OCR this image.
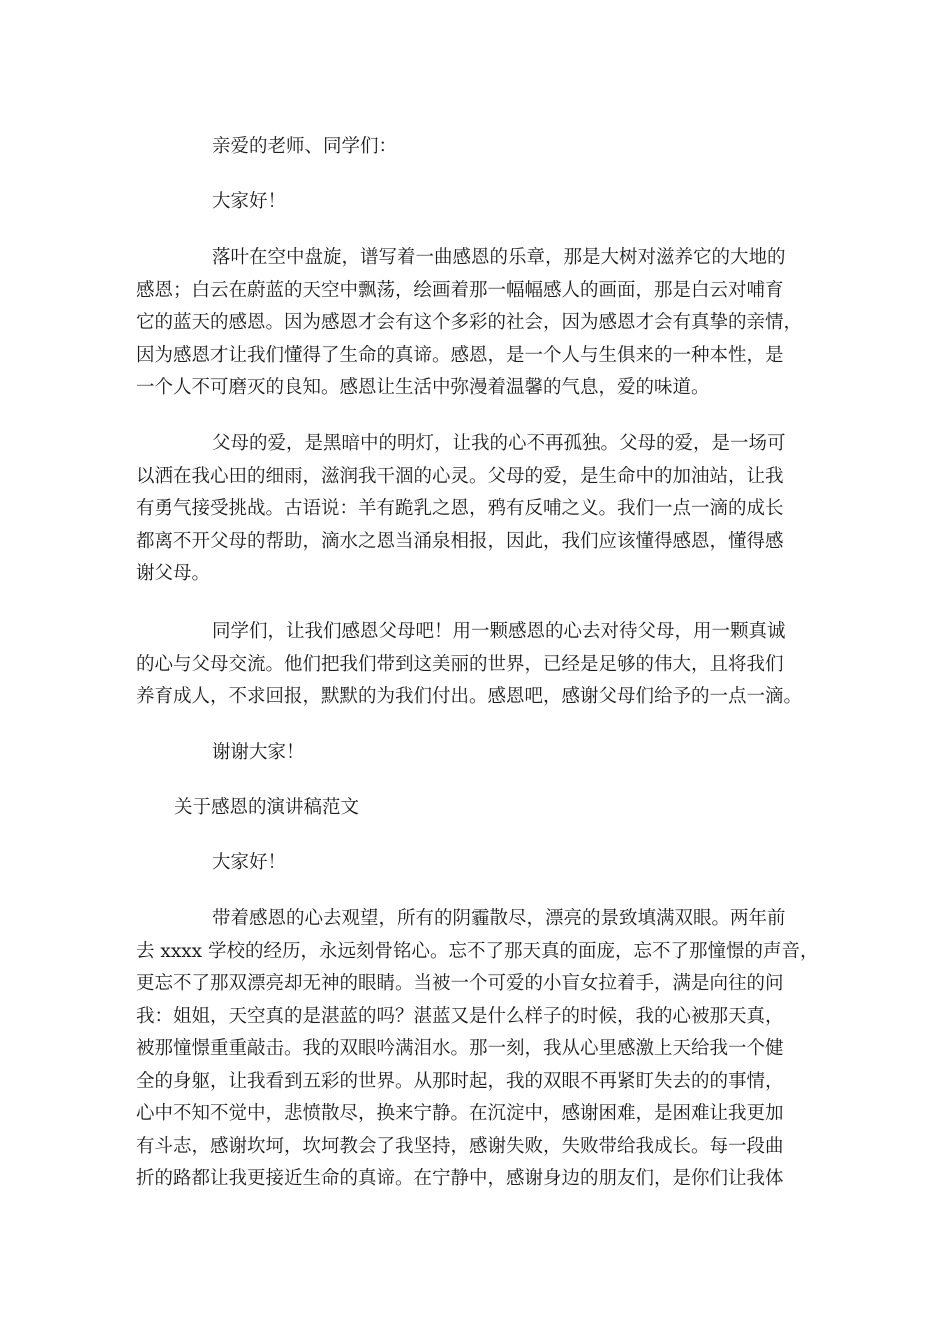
亲爱的老师、同学们：

大家好！

落叶在空中盘旋，谱写着一曲感恩的乐章，那是大树对滋养它的大地的
感恩；白云在蔚蓝的天空中飘荡，绘画着那一幅幅感人的画面，那是白云对哺育
它的蓝天的感恩。因为感恩才会有这个多彩的社会，因为感恩才会有真挚的亲情，
因为感恩才让我们懂得了生命的真谛。感恩，是一个人与生俱来的一种本性，是
一个人不可磨灭的良知。感恩让生活中弥漫着温馨的气息，爱的味道。

父母的爱，是黑暗中的明灯，让我的心不再孤独。父母的爱，是一场可
以洒在我心田的细雨，滋润我干涸的心灵。父母的爱，是生命中的加油站，让我
有勇气接受挑战。古语说：羊有跪乳之恩，鸦有反哺之义。我们一点一滴的成长
都离不开父母的帮助，滴水之恩当涌泉相报，因此，我们应该懂得感恩，懂得感
谢父母。

同学们，让我们感恩父母吧！用一颗感恩的心去对待父母，用一颗真诚
的心与父母交流。他们把我们带到这美丽的世界，已经是足够的伟大，且将我们
养育成人，不求回报，默默的为我们付出。感恩吧，感谢父母们给予的一点一滴。

谢谢大家！

关于感恩的演讲稿范文

大家好！

带着感恩的心去观望，所有的阴霾散尽，漂亮的景致填满双眼。两年前
去 xxxx 学校的经历，永远刻骨铭心。忘不了那天真的面庞，忘不了那憧憬的声音，
更忘不了那双漂亮却无神的眼睛。当被一个可爱的小盲女拉着手，满是向往的问
我：姐姐，天空真的是湛蓝的吗？湛蓝又是什么样子的时候，我的心被那天真，
被那憧憬重重敲击。我的双眼吟满泪水。那一刻，我从心里感激上天给我一个健
全的身躯，让我看到五彩的世界。从那时起，我的双眼不再紧盯失去的的事情，
心中不知不觉中，悲愤散尽，换来宁静。在沉淀中，感谢困难，是困难让我更加
有斗志，感谢坎坷，坎坷教会了我坚持，感谢失败，失败带给我成长。每一段曲
折的路都让我更接近生命的真谛。在宁静中，感谢身边的朋友们，是你们让我体
